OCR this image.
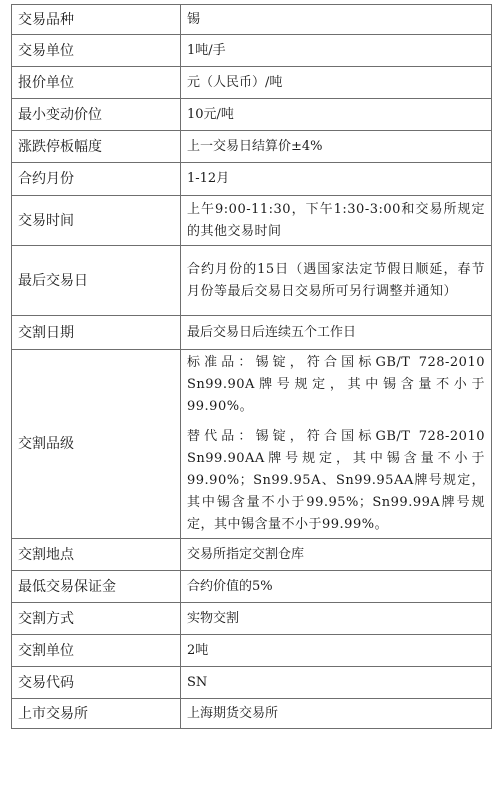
交易品种	锡
交易单位	1吨/手
报价单位	元（人民币）/吨
最小变动价位	10元/吨
涨跌停板幅度	上一交易日结算价±4%
合约月份	1-12月
交易时间	上午9:00-11:30，下午1:30-3:00和交易所规定的其他交易时间
最后交易日	合约月份的15日（遇国家法定节假日顺延，春节月份等最后交易日交易所可另行调整并通知）
交割日期	最后交易日后连续五个工作日
交割品级	标准品：锡锭，符合国标GB/T 728-2010 Sn99.90A牌号规定，其中锡含量不小于99.90%。

替代品：锡锭，符合国标GB/T 728-2010 Sn99.90AA牌号规定，其中锡含量不小于99.90%；Sn99.95A、Sn99.95AA牌号规定，其中锡含量不小于99.95%；Sn99.99A牌号规定，其中锡含量不小于99.99%。

交割地点	交易所指定交割仓库
最低交易保证金	合约价值的5%
交割方式	实物交割
交割单位	2吨
交易代码	SN
上市交易所	上海期货交易所
